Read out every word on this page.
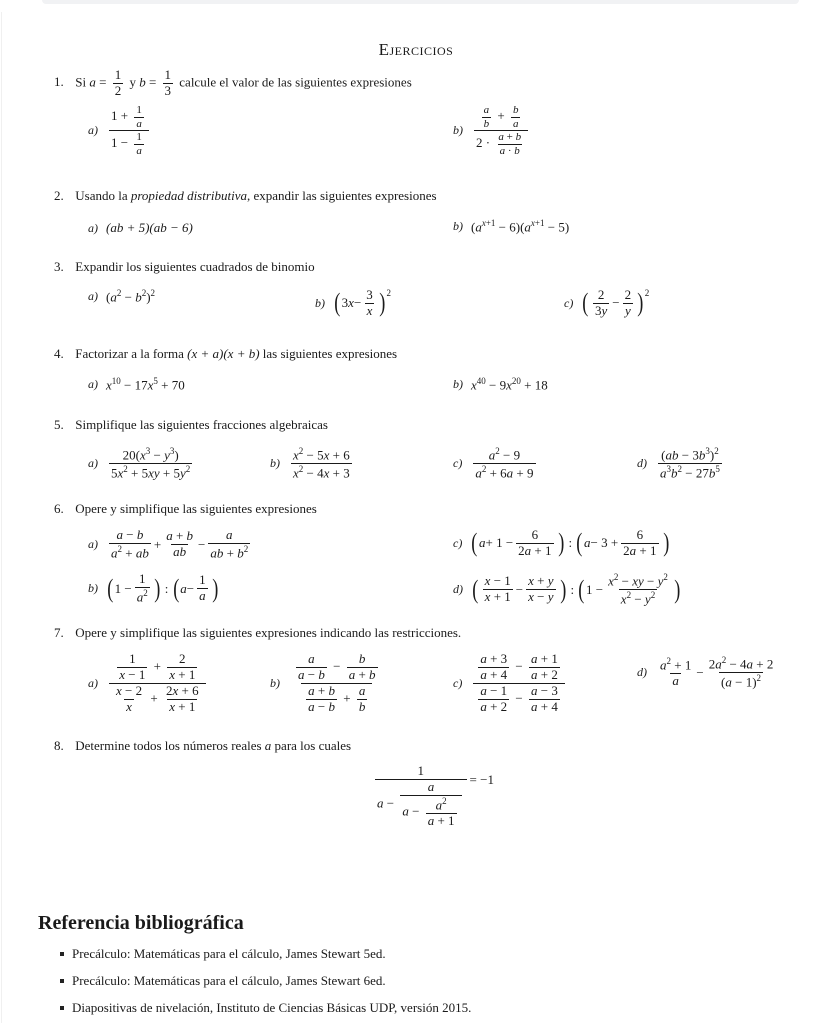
Ejercicios
1. Si $a = \frac{1}{2}$ y $b = \frac{1}{3}$ calcule el valor de las siguientes expresiones
$a) \frac{1 + \frac{1}{a}}{1 - \frac{1}{a}}$	$b) \frac{\frac{a}{b} + \frac{b}{a}}{2 \cdot \frac{a + b}{a \cdot b}}$
2. Usando la propiedad distributiva, expandir las siguientes expresiones
a) (ab + 5)(ab − 6)	b) $(a^{x+1} - 6)(a^{x+1} - 5)$
3. Expandir los siguientes cuadrados de binomio
a) $(a^2 - b^2)^2$
b) ( 3 $x - \frac{3}{x} )^2$
c) ( $\frac{2}{3y} - \frac{2}{y} )^2$
4. Factorizar a la forma (x + a)(x + b) las siguientes expresiones
a) $x^{10} - 17x^5 + 70$	b) $x^{40} - 9x^{20} + 18$
5. Simplifique las siguientes fracciones algebraicas
$a) \frac{20(x^3 - y^3)}{5x^2 + 5xy + 5y^2}$	$b) \frac{x^2 - 5x + 6}{x^2 - 4x + 3}$	$c) \frac{a^2 - 9}{a^2 + 6a + 9}$	$d) \frac{(ab - 3b^3)^2}{a^3b^2 - 27b^5}$
6. Opere y simplifique las siguientes expresiones
$a) \frac{a - b}{a^2 + ab} + \frac{a + b}{ab} - \frac{a}{ab + b^2}$
b) ( $1 - \frac{1}{a^2}$ ) : ( $a - \frac{1}{a}$ )
c) ( $a + 1 - \frac{6}{2a + 1}$ ) : ( $a - 3 + \frac{6}{2a + 1}$ )
d) ( $\frac{x - 1}{x + 1} - \frac{x + y}{x - y}$ ) : ( $1 - \frac{x^2 - xy - y^2}{x^2 - y^2}$ )
7. Opere y simplifique las siguientes expresiones indicando las restricciones.
$a) \frac{\frac{1}{x - 1} + \frac{2}{x + 1}}{\frac{x - 2}{x} + \frac{2x + 6}{x + 1}}$	$b) \frac{\frac{a}{a - b} - \frac{b}{a + b}}{\frac{a + b}{a - b} + \frac{a}{b}}$	$c) \frac{\frac{a + 3}{a + 4} - \frac{a + 1}{a + 2}}{\frac{a - 1}{a + 2} - \frac{a - 3}{a + 4}}$	$d) \frac{a^2 + 1}{a} - \frac{2a^2 - 4a + 2}{(a - 1)^2}$
8. Determine todos los números reales a para los cuales
$\frac{1}{a - \frac{a}{a - \frac{a^2}{a + 1}}} = -1$
Referencia bibliográfica
Precálculo: Matemáticas para el cálculo, James Stewart 5ed.
Precálculo: Matemáticas para el cálculo, James Stewart 6ed.
Diapositivas de nivelación, Instituto de Ciencias Básicas UDP, versión 2015.
